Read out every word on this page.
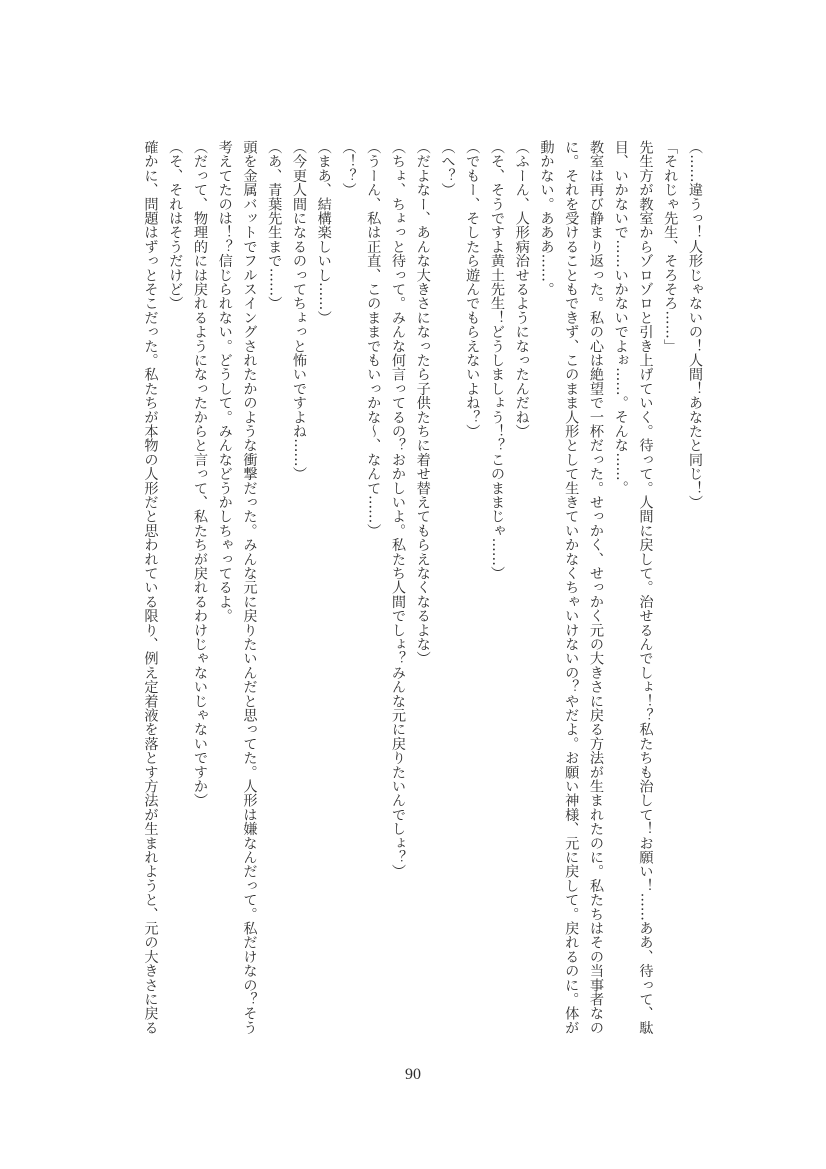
（……違うっ！人形じゃないの！人間！あなたと同じ！）
「それじゃ先生、そろそろ……」
先生方が教室からゾロゾロと引き上げていく。待って。人間に戻して。治せるんでしょ！？私たちも治して！お願い！……ああ、待って、駄
目、いかないで……いかないでよぉ……。そんな……。
教室は再び静まり返った。私の心は絶望で一杯だった。せっかく、せっかく元の大きさに戻る方法が生まれたのに。私たちはその当事者なの
に。それを受けることもできず、このまま人形として生きていかなくちゃいけないの？やだよ。お願い神様、元に戻して。戻れるのに。体が
動かない。あああ……。
（ふーん、人形病治せるようになったんだね）
（そ、そうですよ黄土先生！どうしましょう！？このままじゃ……）
（でもー、そしたら遊んでもらえないよね？）
（へ？）
（だよなー、あんな大きさになったら子供たちに着せ替えてもらえなくなるよな）
（ちょ、ちょっと待って。みんな何言ってるの？おかしいよ。私たち人間でしょ？みんな元に戻りたいんでしょ？）
（うーん、私は正直、このままでもいっかな～、なんて……）
（！？）
（まあ、結構楽しいし……）
（今更人間になるのってちょっと怖いですよね……）
（あ、青葉先生まで……）
頭を金属バットでフルスイングされたかのような衝撃だった。みんな元に戻りたいんだと思ってた。人形は嫌なんだって。私だけなの？そう
考えてたのは！？信じられない。どうして。みんなどうかしちゃってるよ。
（だって、物理的には戻れるようになったからと言って、私たちが戻れるわけじゃないじゃないですか）
（そ、それはそうだけど）
確かに、問題はずっとそこだった。私たちが本物の人形だと思われている限り、例え定着液を落とす方法が生まれようと、元の大きさに戻る
90
